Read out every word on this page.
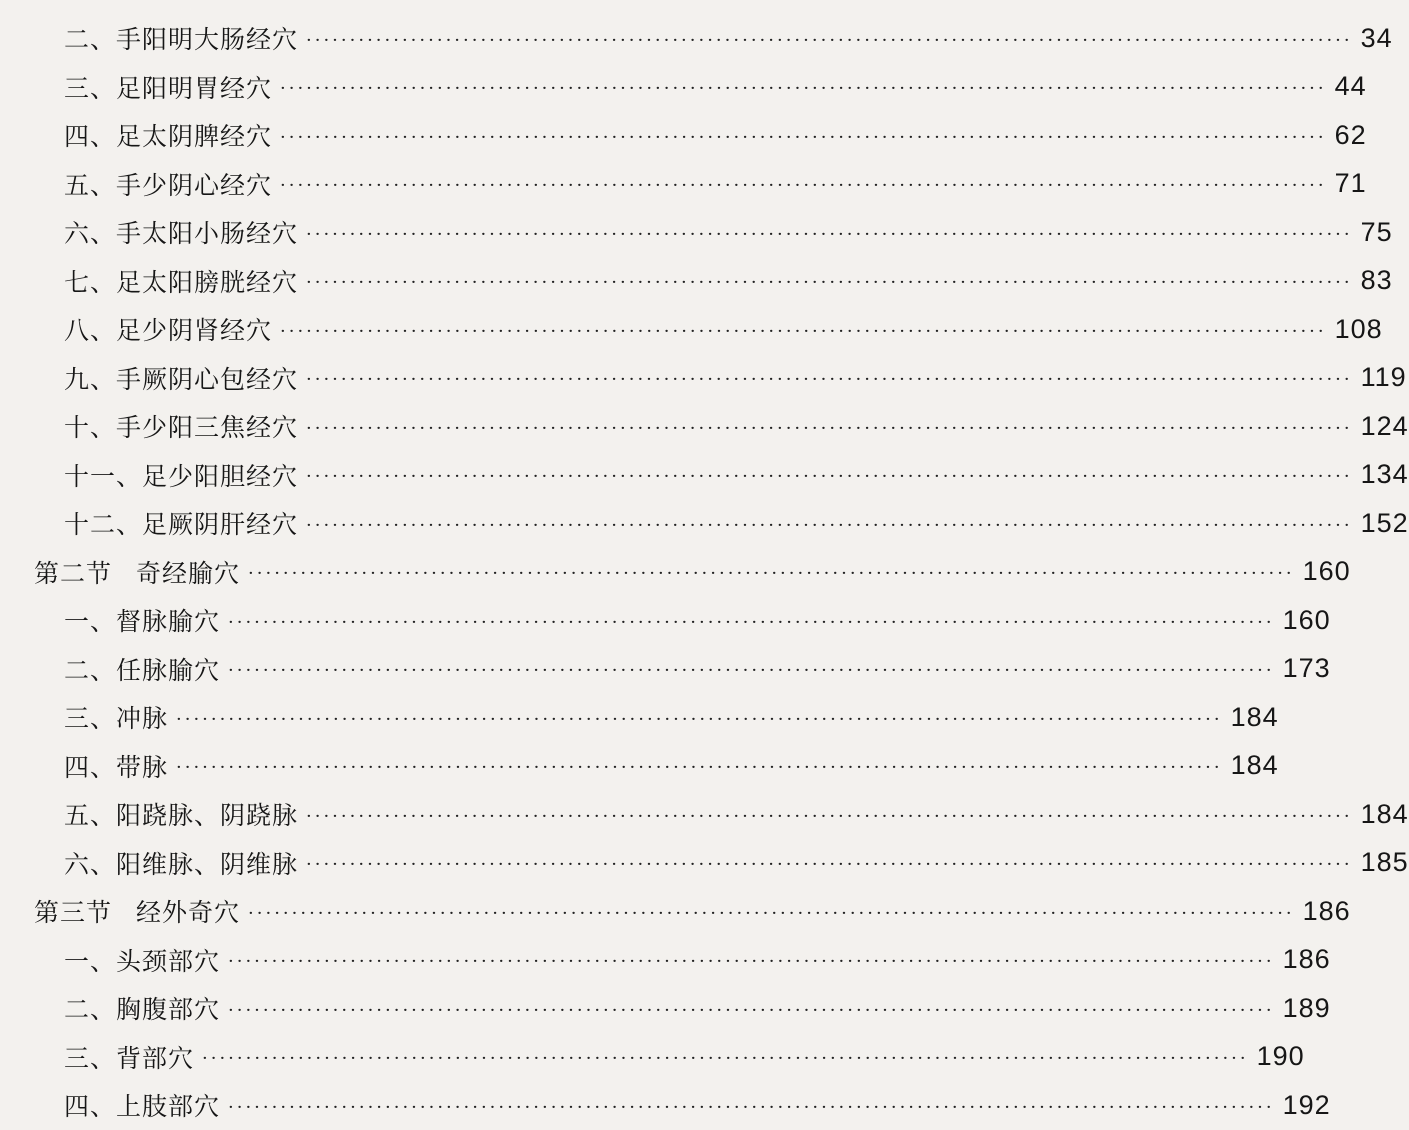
二、手阳明大肠经穴 ························································································································ 34
三、足阳明胃经穴 ························································································································ 44
四、足太阴脾经穴 ························································································································ 62
五、手少阴心经穴 ························································································································ 71
六、手太阳小肠经穴 ························································································································ 75
七、足太阳膀胱经穴 ························································································································ 83
八、足少阴肾经穴 ························································································································ 108
九、手厥阴心包经穴 ························································································································ 119
十、手少阳三焦经穴 ························································································································ 124
十一、足少阳胆经穴 ························································································································ 134
十二、足厥阴肝经穴 ························································································································ 152
第二节 奇经腧穴 ························································································································ 160
一、督脉腧穴 ························································································································ 160
二、任脉腧穴 ························································································································ 173
三、冲脉 ························································································································ 184
四、带脉 ························································································································ 184
五、阳跷脉、阴跷脉 ························································································································ 184
六、阳维脉、阴维脉 ························································································································ 185
第三节 经外奇穴 ························································································································ 186
一、头颈部穴 ························································································································ 186
二、胸腹部穴 ························································································································ 189
三、背部穴 ························································································································ 190
四、上肢部穴 ························································································································ 192
